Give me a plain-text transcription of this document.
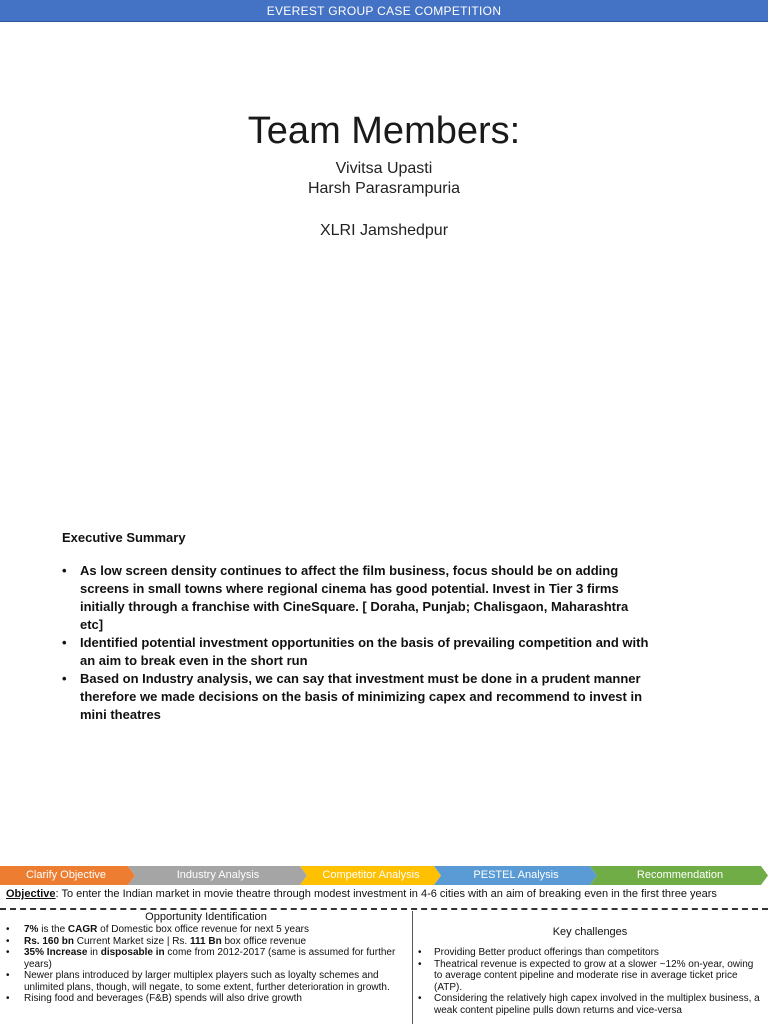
EVEREST GROUP CASE COMPETITION
Team Members:
Vivitsa Upasti
Harsh Parasrampuria
XLRI Jamshedpur
Executive Summary
• As low screen density continues to affect the film business, focus should be on adding screens in small towns where regional cinema has good potential. Invest in Tier 3 firms initially through a franchise with CineSquare. [ Doraha, Punjab; Chalisgaon, Maharashtra etc]
• Identified potential investment opportunities on the basis of prevailing competition and with an aim to break even in the short run
• Based on Industry analysis, we can say that investment must be done in a prudent manner therefore we made decisions on the basis of minimizing capex and recommend to invest in mini theatres
Clarify Objective	Industry Analysis	Competitor Analysis	PESTEL Analysis	Recommendation
Objective: To enter the Indian market in movie theatre through modest investment in 4-6 cities with an aim of breaking even in the first three years
Opportunity Identification
• 7% is the CAGR of Domestic box office revenue for next 5 years
• Rs. 160 bn Current Market size | Rs. 111 Bn box office revenue
• 35% Increase in disposable in come from 2012-2017 (same is assumed for further years)
• Newer plans introduced by larger multiplex players such as loyalty schemes and unlimited plans, though, will negate, to some extent, further deterioration in growth.
• Rising food and beverages (F&B) spends will also drive growth
Key challenges
• Providing Better product offerings than competitors
• Theatrical revenue is expected to grow at a slower ~12% on-year, owing to average content pipeline and moderate rise in average ticket price (ATP).
• Considering the relatively high capex involved in the multiplex business, a weak content pipeline pulls down returns and vice-versa
